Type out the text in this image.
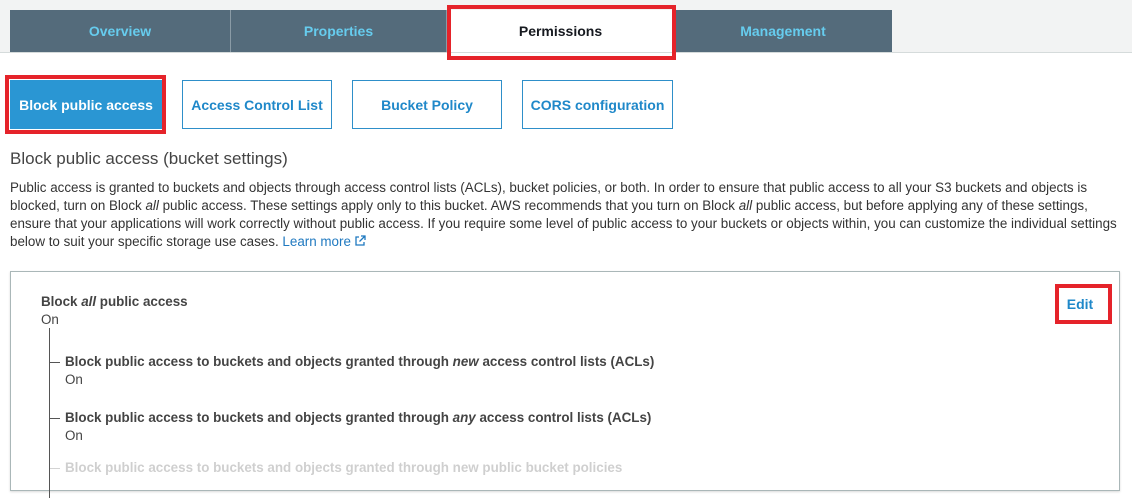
Overview	Properties	Permissions	Management
Block public access	Access Control List	Bucket Policy	CORS configuration
Block public access (bucket settings)
Public access is granted to buckets and objects through access control lists (ACLs), bucket policies, or both. In order to ensure that public access to all your S3 buckets and objects is blocked, turn on Block all public access. These settings apply only to this bucket. AWS recommends that you turn on Block all public access, but before applying any of these settings, ensure that your applications will work correctly without public access. If you require some level of public access to your buckets or objects within, you can customize the individual settings below to suit your specific storage use cases. Learn more
Block all public access
On
Edit
Block public access to buckets and objects granted through new access control lists (ACLs)
On
Block public access to buckets and objects granted through any access control lists (ACLs)
On
Block public access to buckets and objects granted through new public bucket policies
